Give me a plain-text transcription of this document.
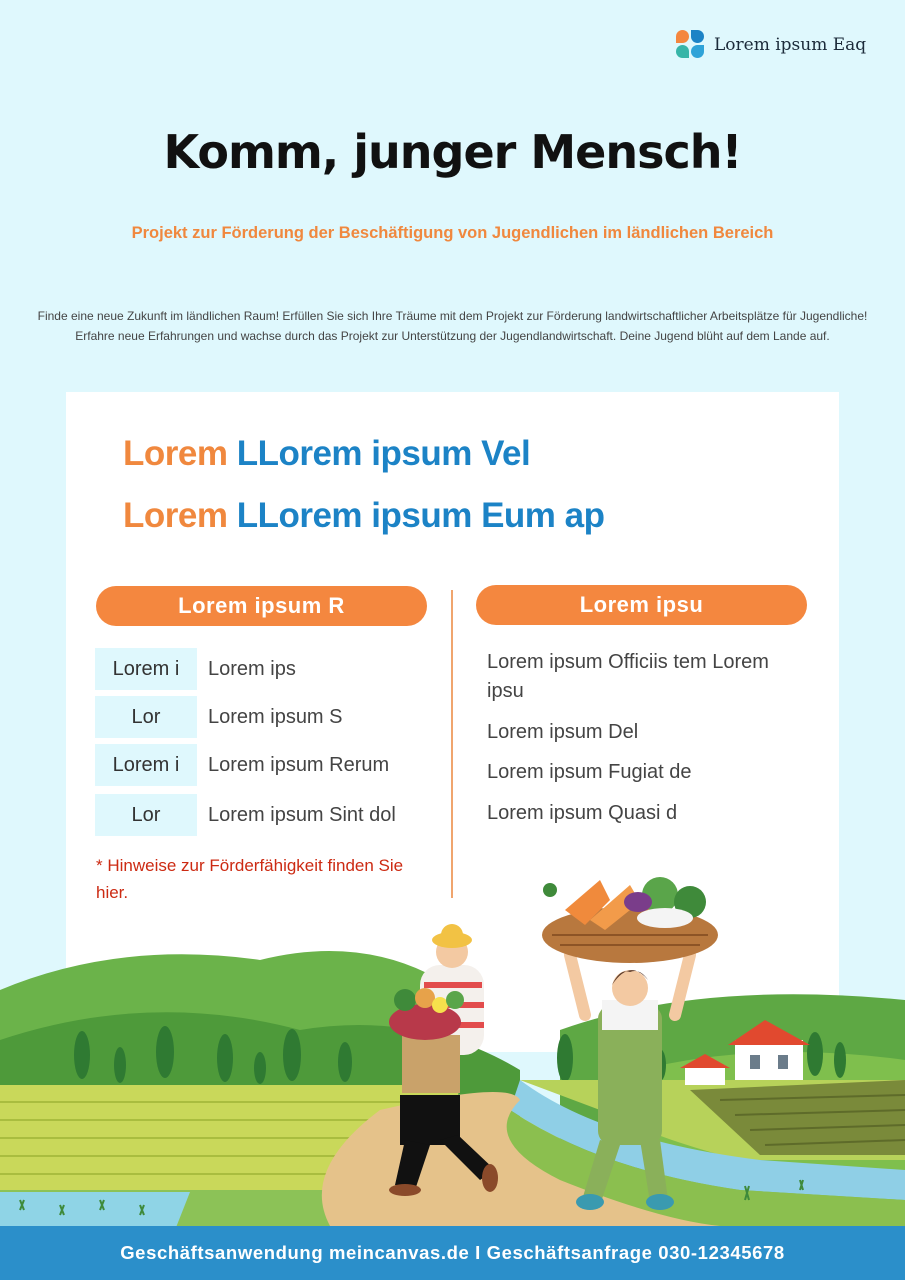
Lorem ipsum Eaq
Komm, junger Mensch!
Projekt zur Förderung der Beschäftigung von Jugendlichen im ländlichen Bereich
Finde eine neue Zukunft im ländlichen Raum! Erfüllen Sie sich Ihre Träume mit dem Projekt zur Förderung landwirtschaftlicher Arbeitsplätze für Jugendliche!
Erfahre neue Erfahrungen und wachse durch das Projekt zur Unterstützung der Jugendlandwirtschaft. Deine Jugend blüht auf dem Lande auf.
Lorem LLorem ipsum Vel
Lorem LLorem ipsum Eum ap
Lorem ipsum R	Lorem ipsu
Lorem i	Lorem ips
Lor	Lorem ipsum S
Lorem i	Lorem ipsum Rerum
Lor	Lorem ipsum Sint dol
* Hinweise zur Förderfähigkeit finden Sie hier.
Lorem ipsum Officiis tem Lorem ipsu
Lorem ipsum Del
Lorem ipsum Fugiat de
Lorem ipsum Quasi d
Geschäftsanwendung meincanvas.de I Geschäftsanfrage 030-12345678
